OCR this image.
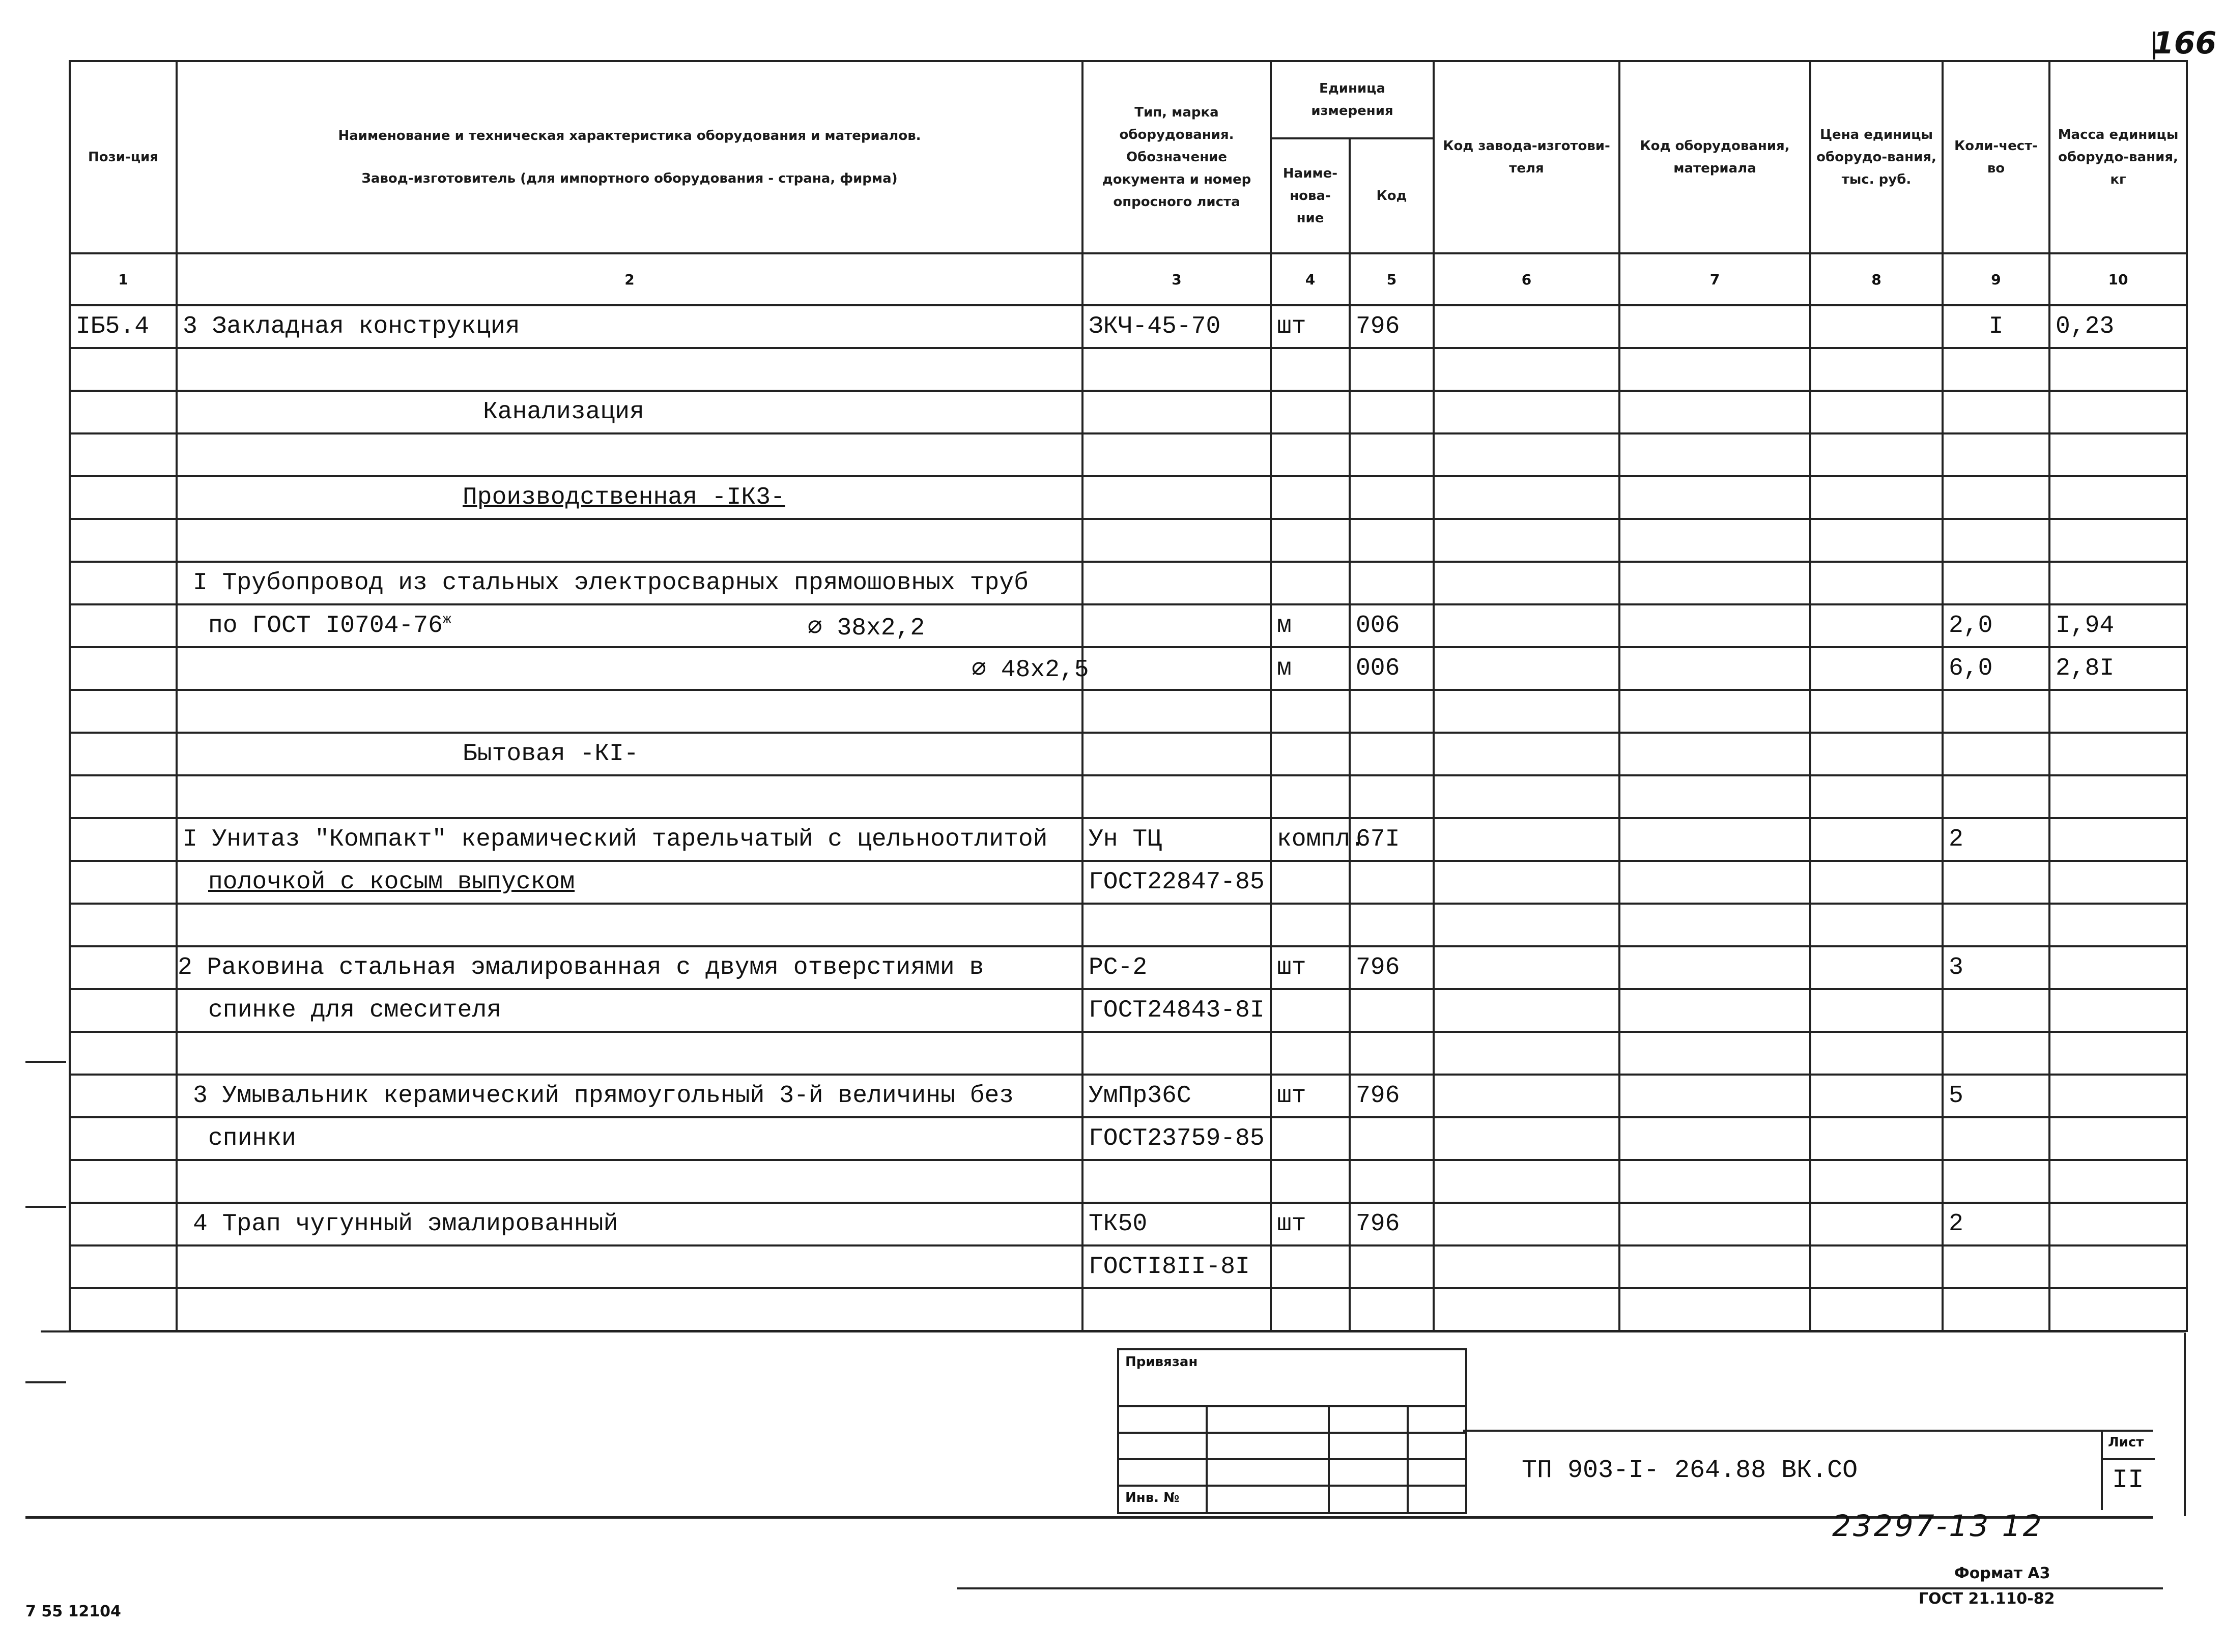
166
Пози-ция	Наименование и техническая характеристика оборудования и материалов.
Завод-изготовитель (для импортного оборудования - страна, фирма)	Тип, марка оборудования. Обозначение документа и номер опросного листа	Единица измерения		Код завода-изготови-теля	Код оборудования, материала	Цена единицы оборудо-вания, тыс. руб.	Коли-чест-во	Масса единицы оборудо-вания, кг
			Наиме-нова-ние	Код					
1	2	3	4	5	6	7	8	9	10
IБ5.4	3 Закладная конструкция	ЗКЧ-45-70	шт	796				I	0,23

	Канализация								

	Производственная -IК3-								

	I Трубопровод из стальных электросварных прямошовных труб								
	по ГОСТ $I0704-76^ж$ ⌀ 38х2,2		м	006				2,0	I,94
	⌀ 48х2,5		м	006				6,0	2,8I

	Бытовая -КI-								

	I Унитаз "Компакт" керамический тарельчатый с цельноотлитой	Ун ТЦ	компл.	67I				2	
	полочкой с косым выпуском	ГОСТ22847-85							

	2 Раковина стальная эмалированная с двумя отверстиями в	РС-2	шт	796				3	
	спинке для смесителя	ГОСТ24843-8I							

	3 Умывальник керамический прямоугольный 3-й величины без	УмПр36С	шт	796				5	
	спинки	ГОСТ23759-85							

	4 Трап чугунный эмалированный	ТК50	шт	796				2	
		ГОСТI8II-8I							

Привязан
Инв. №
ТП 903-I- 264.88 ВК.СО
Лист
II
23297-13 12
Формат А3
ГОСТ 21.110-82
7 55 12104
